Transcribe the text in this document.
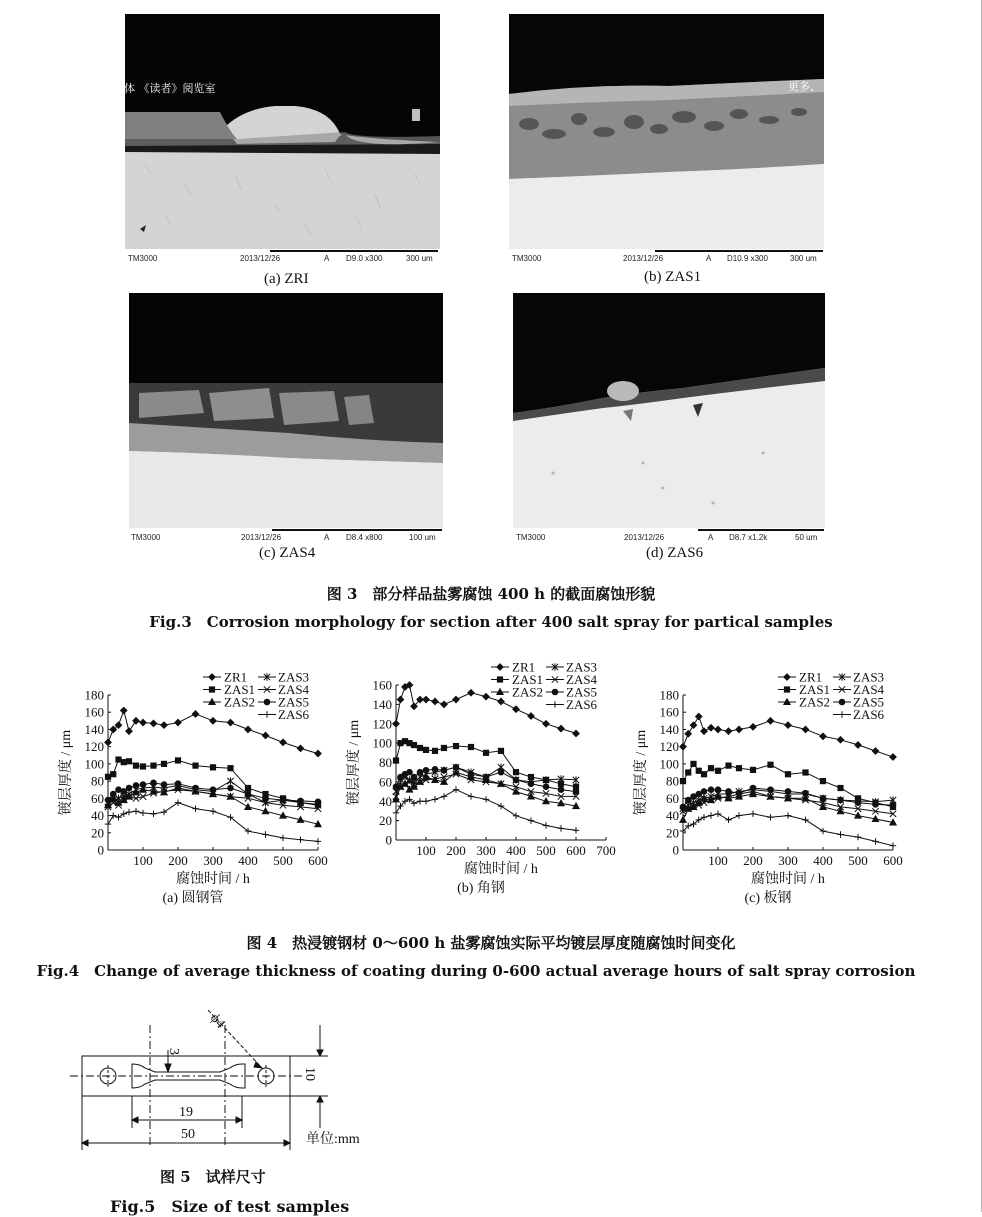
TM3000	2013/12/26	A D9.0 x300	300 um
(a) ZRI
TM3000	2013/12/26	A D10.9 x300	300 um
(b) ZAS1
TM3000	2013/12/26	A D8.4 x800	100 um
(c) ZAS4
TM3000	2013/12/26	A D8.7 x1.2k	50 um
(d) ZAS6
体 《读者》阅览室	更多、
图 3　部分样品盐雾腐蚀 400 h 的截面腐蚀形貌
Fig.3　Corrosion morphology for section after 400 salt spray for partical samples
0
20
40
60
80
100
120
140
160
180
100 200 300 400 500 600
腐蚀时间 / h
镀层厚度 / μm
(a) 圆钢管
ZR1
ZAS1
ZAS2
ZAS3
ZAS4
ZAS5
ZAS6
0
20
40
60
80
100
120
140
160
100 200 300 400 500 600 700
腐蚀时间 / h
镀层厚度 / μm
(b) 角钢
ZR1
ZAS1
ZAS2
ZAS3
ZAS4
ZAS5
ZAS6
0
20
40
60
80
100
120
140
160
180
100 200 300 400 500 600
腐蚀时间 / h
镀层厚度 / μm
(c) 板钢
ZR1
ZAS1
ZAS2
ZAS3
ZAS4
ZAS5
ZAS6
图 4　热浸镀钢材 0～600 h 盐雾腐蚀实际平均镀层厚度随腐蚀时间变化
Fig.4　Change of average thickness of coating during 0-600 actual average hours of salt spray corrosion
ϕ4
3
10
19
50	单位:mm
图 5　试样尺寸
Fig.5　Size of test samples
